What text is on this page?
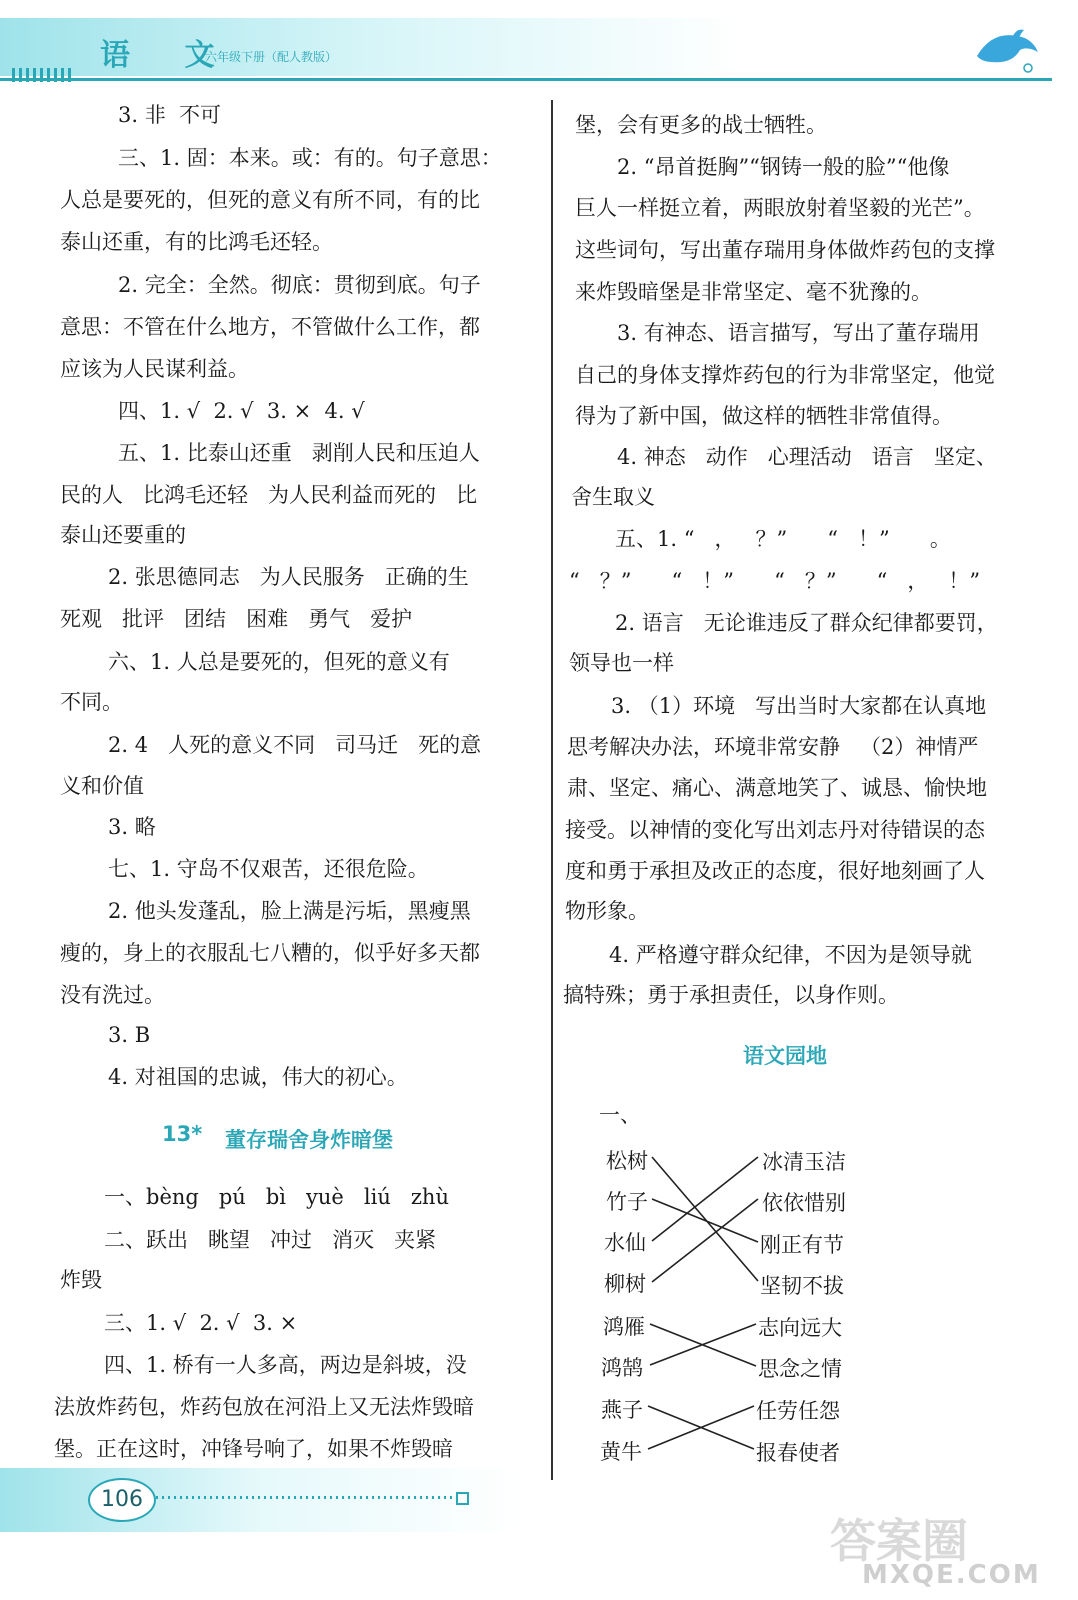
语 文
六年级下册（配人教版）
3. 非  不可
三、1. 固：本来。或：有的。句子意思：
人总是要死的，但死的意义有所不同，有的比
泰山还重，有的比鸿毛还轻。
2. 完全：全然。彻底：贯彻到底。句子
意思：不管在什么地方，不管做什么工作，都
应该为人民谋利益。
四、1. √  2. √  3. ×  4. √
五、1. 比泰山还重   剥削人民和压迫人
民的人   比鸿毛还轻   为人民利益而死的   比
泰山还要重的
2. 张思德同志   为人民服务   正确的生
死观   批评   团结   困难   勇气   爱护
六、1. 人总是要死的，但死的意义有
不同。
2. 4   人死的意义不同   司马迁   死的意
义和价值
3. 略
七、1. 守岛不仅艰苦，还很危险。
2. 他头发蓬乱，脸上满是污垢，黑瘦黑
瘦的，身上的衣服乱七八糟的，似乎好多天都
没有洗过。
3. B
4. 对祖国的忠诚，伟大的初心。
13* 董存瑞舍身炸暗堡
一、bèng   pú   bì   yuè   liú   zhù
二、跃出   眺望   冲过   消灭   夹紧
炸毁
三、1. √  2. √  3. ×
四、1. 桥有一人多高，两边是斜坡，没
法放炸药包，炸药包放在河沿上又无法炸毁暗
堡。正在这时，冲锋号响了，如果不炸毁暗
堡，会有更多的战士牺牲。
2. “昂首挺胸”“钢铸一般的脸”“他像
巨人一样挺立着，两眼放射着坚毅的光芒”。
这些词句，写出董存瑞用身体做炸药包的支撑
来炸毁暗堡是非常坚定、毫不犹豫的。
3. 有神态、语言描写，写出了董存瑞用
自己的身体支撑炸药包的行为非常坚定，他觉
得为了新中国，做这样的牺牲非常值得。
4. 神态   动作   心理活动   语言   坚定、
舍生取义
五、1. “   ，   ？”      “   ！”      。
“   ？”      “   ！”      “   ？”      “   ，   ！”
2. 语言   无论谁违反了群众纪律都要罚，
领导也一样
3. （1）环境   写出当时大家都在认真地
思考解决办法，环境非常安静   （2）神情严
肃、坚定、痛心、满意地笑了、诚恳、愉快地
接受。以神情的变化写出刘志丹对待错误的态
度和勇于承担及改正的态度，很好地刻画了人
物形象。
4. 严格遵守群众纪律，不因为是领导就
搞特殊；勇于承担责任，以身作则。
语文园地
一、
松树
竹子
水仙
柳树
鸿雁
鸿鹄
燕子
黄牛
冰清玉洁
依依惜别
刚正有节
坚韧不拔
志向远大
思念之情
任劳任怨
报春使者
106
答案圈
MXQE.COM
